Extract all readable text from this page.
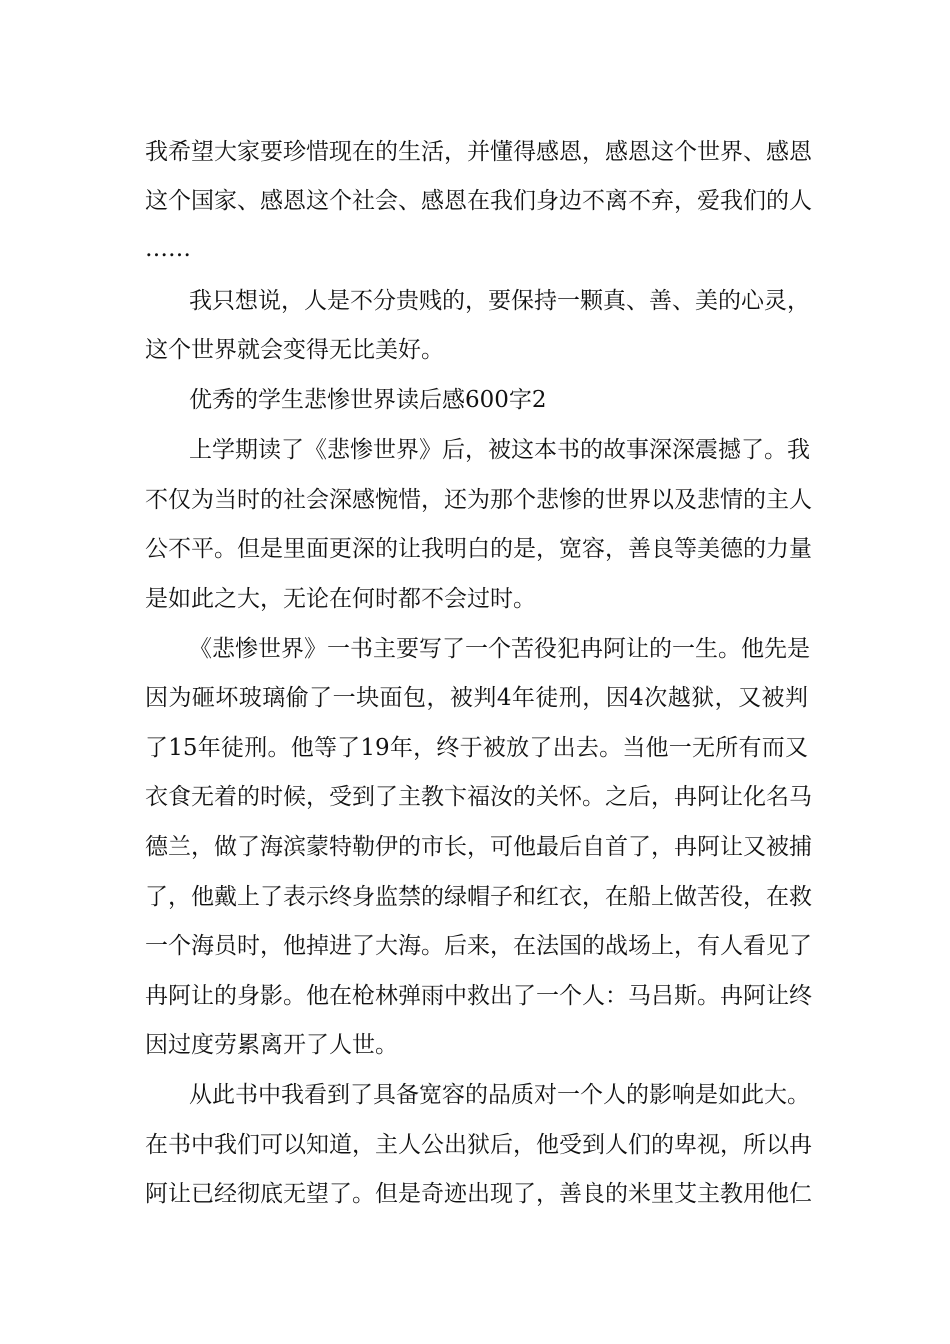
我希望大家要珍惜现在的生活，并懂得感恩，感恩这个世界、感恩

这个国家、感恩这个社会、感恩在我们身边不离不弃，爱我们的人

……

我只想说，人是不分贵贱的，要保持一颗真、善、美的心灵，

这个世界就会变得无比美好。

优秀的学生悲惨世界读后感600字2

上学期读了《悲惨世界》后，被这本书的故事深深震撼了。我

不仅为当时的社会深感惋惜，还为那个悲惨的世界以及悲情的主人

公不平。但是里面更深的让我明白的是，宽容，善良等美德的力量

是如此之大，无论在何时都不会过时。

《悲惨世界》一书主要写了一个苦役犯冉阿让的一生。他先是

因为砸坏玻璃偷了一块面包，被判4年徒刑，因4次越狱，又被判

了15年徒刑。他等了19年，终于被放了出去。当他一无所有而又

衣食无着的时候，受到了主教卞福汝的关怀。之后，冉阿让化名马

德兰，做了海滨蒙特勒伊的市长，可他最后自首了，冉阿让又被捕

了，他戴上了表示终身监禁的绿帽子和红衣，在船上做苦役，在救

一个海员时，他掉进了大海。后来，在法国的战场上，有人看见了

冉阿让的身影。他在枪林弹雨中救出了一个人：马吕斯。冉阿让终

因过度劳累离开了人世。

从此书中我看到了具备宽容的品质对一个人的影响是如此大。

在书中我们可以知道，主人公出狱后，他受到人们的卑视，所以冉

阿让已经彻底无望了。但是奇迹出现了，善良的米里艾主教用他仁
